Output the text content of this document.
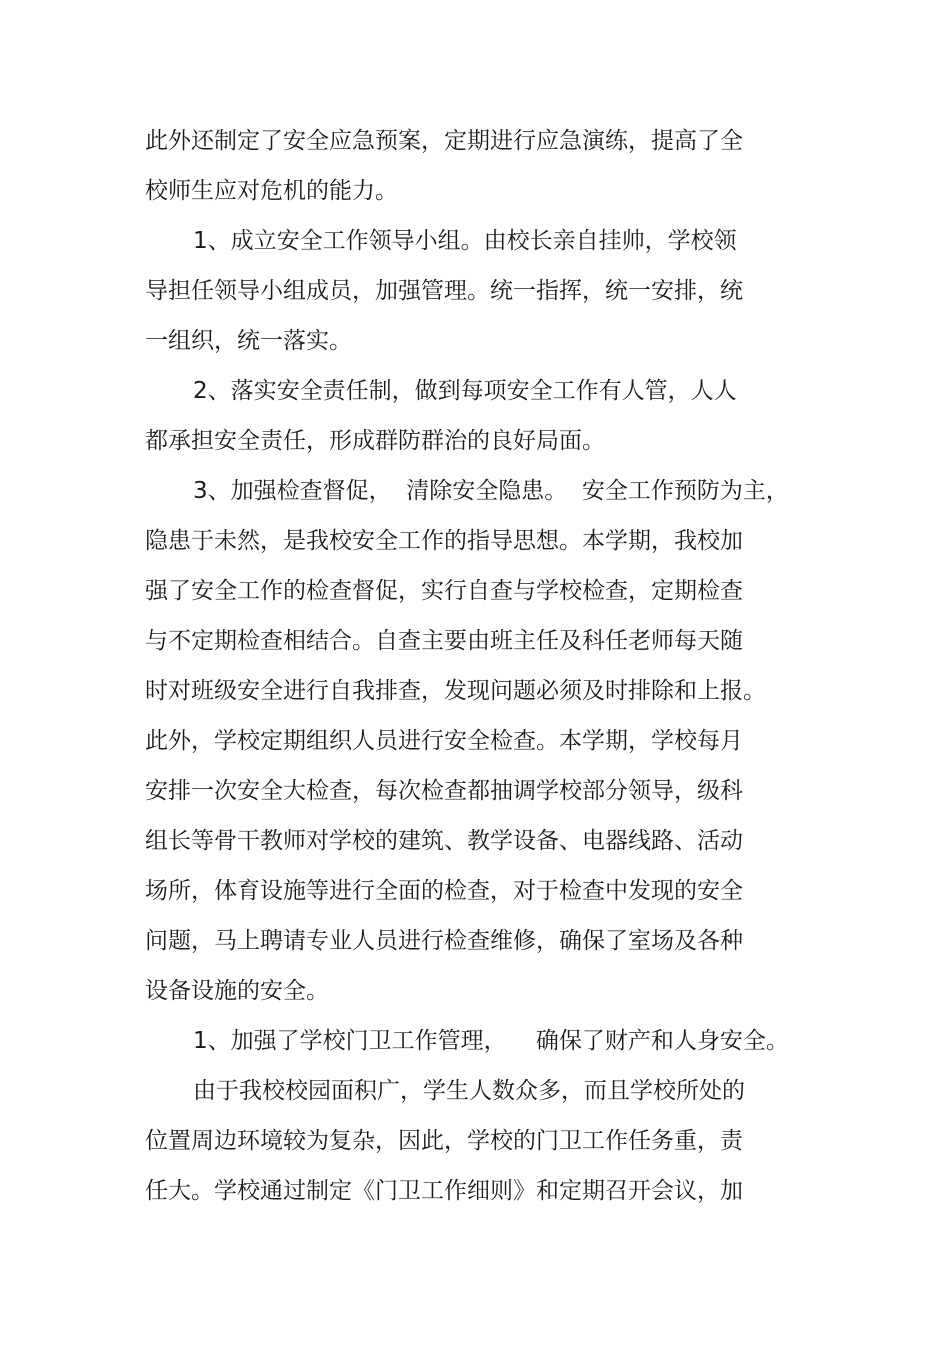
此外还制定了安全应急预案，定期进行应急演练，提高了全
校师生应对危机的能力。
1、成立安全工作领导小组。由校长亲自挂帅，学校领
导担任领导小组成员，加强管理。统一指挥，统一安排，统
一组织，统一落实。
2、落实安全责任制，做到每项安全工作有人管，人人
都承担安全责任，形成群防群治的良好局面。
3、加强检查督促，  清除安全隐患。  安全工作预防为主，
隐患于未然，是我校安全工作的指导思想。本学期，我校加
强了安全工作的检查督促，实行自查与学校检查，定期检查
与不定期检查相结合。自查主要由班主任及科任老师每天随
时对班级安全进行自我排查，发现问题必须及时排除和上报。
此外，学校定期组织人员进行安全检查。本学期，学校每月
安排一次安全大检查，每次检查都抽调学校部分领导，级科
组长等骨干教师对学校的建筑、教学设备、电器线路、活动
场所，体育设施等进行全面的检查，对于检查中发现的安全
问题，马上聘请专业人员进行检查维修，确保了室场及各种
设备设施的安全。
1、加强了学校门卫工作管理，    确保了财产和人身安全。
由于我校校园面积广，学生人数众多，而且学校所处的
位置周边环境较为复杂，因此，学校的门卫工作任务重，责
任大。学校通过制定《门卫工作细则》和定期召开会议，加
